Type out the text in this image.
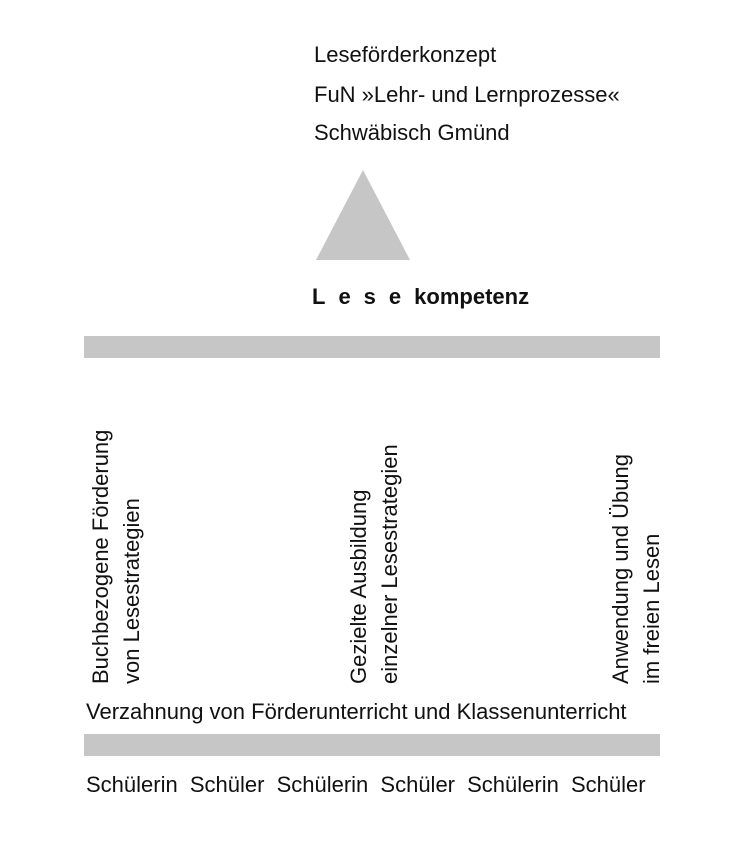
Leseförderkonzept
FuN »Lehr- und Lernprozesse«
Schwäbisch Gmünd
Lesekompetenz
Buchbezogene Förderung von Lesestrategien	Gezielte Ausbildung einzelner Lesestrategien	Anwendung und Übung im freien Lesen
Verzahnung von Förderunterricht und Klassenunterricht
Schülerin Schüler Schülerin Schüler Schülerin Schüler
